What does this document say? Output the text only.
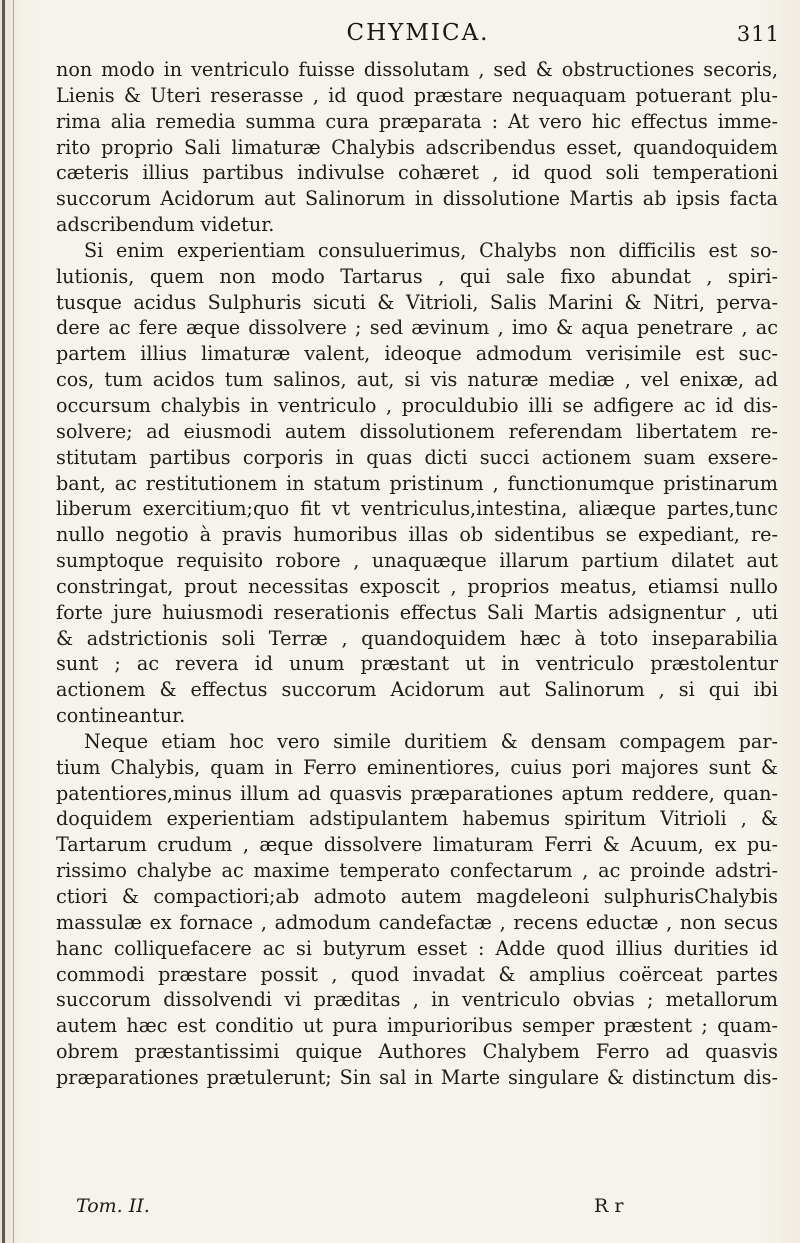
CHYMICA.	311
non modo in ventriculo fuisse dissolutam , sed & obstructiones secoris,
Lienis & Uteri reserasse , id quod præstare nequaquam potuerant plu-
rima alia remedia summa cura præparata : At vero hic effectus imme-
rito proprio Sali limaturæ Chalybis adscribendus esset, quandoquidem
cæteris illius partibus indivulse cohæret , id quod soli temperationi
succorum Acidorum aut Salinorum in dissolutione Martis ab ipsis facta
adscribendum videtur.
Si enim experientiam consuluerimus, Chalybs non difficilis est so-
lutionis, quem non modo Tartarus , qui sale fixo abundat , spiri-
tusque acidus Sulphuris sicuti & Vitrioli, Salis Marini & Nitri, perva-
dere ac fere æque dissolvere ; sed ævinum , imo & aqua penetrare , ac
partem illius limaturæ valent, ideoque admodum verisimile est suc-
cos, tum acidos tum salinos, aut, si vis naturæ mediæ , vel enixæ, ad
occursum chalybis in ventriculo , proculdubio illi se adfigere ac id dis-
solvere; ad eiusmodi autem dissolutionem referendam libertatem re-
stitutam partibus corporis in quas dicti succi actionem suam exsere-
bant, ac restitutionem in statum pristinum , functionumque pristinarum
liberum exercitium;quo fit vt ventriculus,intestina, aliæque partes,tunc
nullo negotio à pravis humoribus illas ob sidentibus se expediant, re-
sumptoque requisito robore , unaquæque illarum partium dilatet aut
constringat, prout necessitas exposcit , proprios meatus, etiamsi nullo
forte jure huiusmodi reserationis effectus Sali Martis adsignentur , uti
& adstrictionis soli Terræ , quandoquidem hæc à toto inseparabilia
sunt ; ac revera id unum præstant ut in ventriculo præstolentur
actionem & effectus succorum Acidorum aut Salinorum , si qui ibi
contineantur.
Neque etiam hoc vero simile duritiem & densam compagem par-
tium Chalybis, quam in Ferro eminentiores, cuius pori majores sunt &
patentiores,minus illum ad quasvis præparationes aptum reddere, quan-
doquidem experientiam adstipulantem habemus spiritum Vitrioli , &
Tartarum crudum , æque dissolvere limaturam Ferri & Acuum, ex pu-
rissimo chalybe ac maxime temperato confectarum , ac proinde adstri-
ctiori & compactiori;ab admoto autem magdeleoni sulphurisChalybis
massulæ ex fornace , admodum candefactæ , recens eductæ , non secus
hanc colliquefacere ac si butyrum esset : Adde quod illius durities id
commodi præstare possit , quod invadat & amplius coërceat partes
succorum dissolvendi vi præditas , in ventriculo obvias ; metallorum
autem hæc est conditio ut pura impurioribus semper præstent ; quam-
obrem præstantissimi quique Authores Chalybem Ferro ad quasvis
præparationes prætulerunt; Sin sal in Marte singulare & distinctum dis-
Tom. II.	R r
